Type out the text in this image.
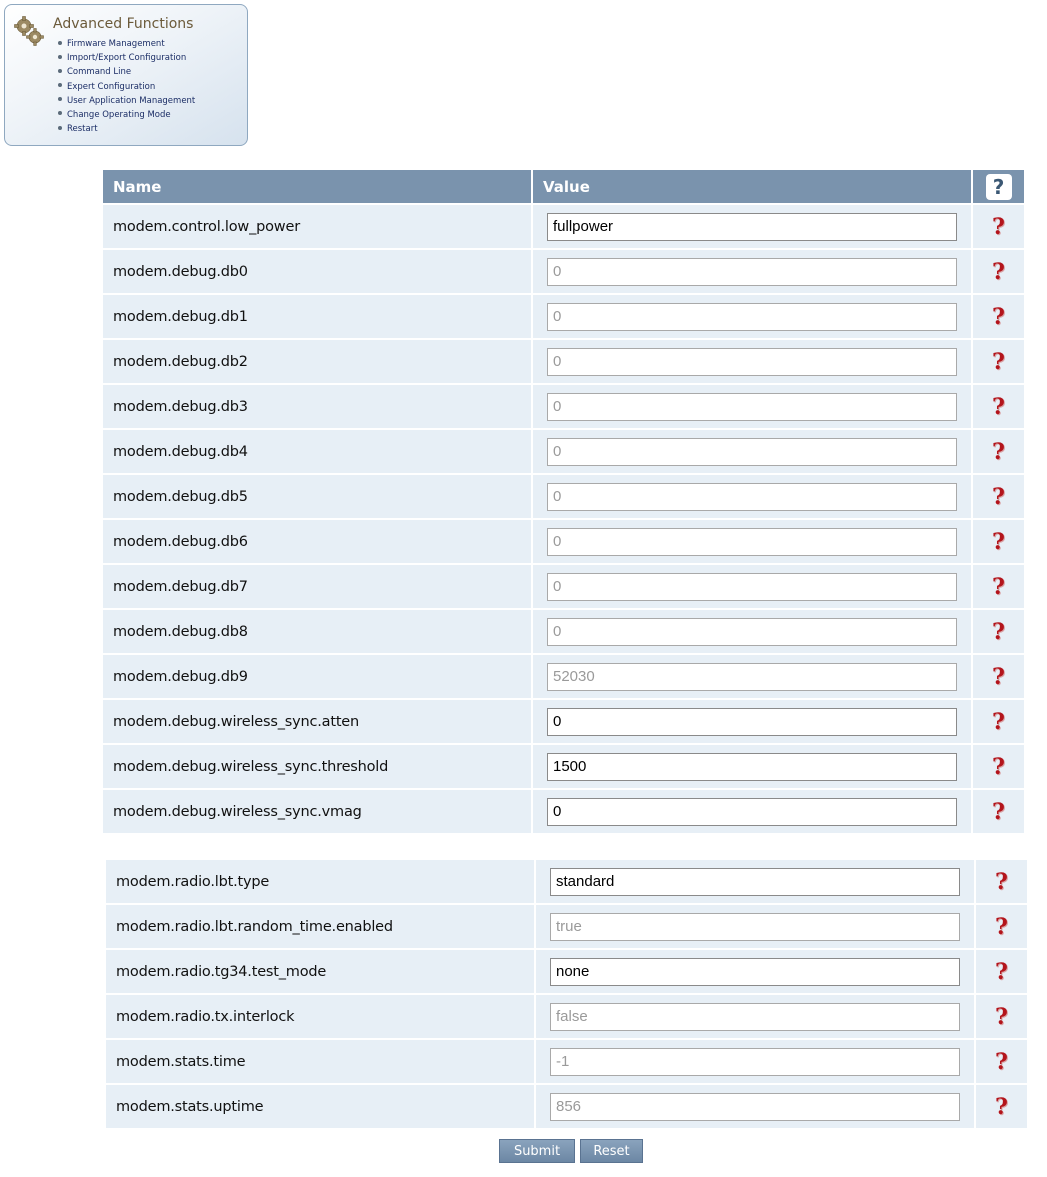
Advanced Functions
Firmware Management
Import/Export Configuration
Command Line
Expert Configuration
User Application Management
Change Operating Mode
Restart
Name	Value	?
modem.control.low_power	fullpower	?
modem.debug.db0	0	?
modem.debug.db1	0	?
modem.debug.db2	0	?
modem.debug.db3	0	?
modem.debug.db4	0	?
modem.debug.db5	0	?
modem.debug.db6	0	?
modem.debug.db7	0	?
modem.debug.db8	0	?
modem.debug.db9	52030	?
modem.debug.wireless_sync.atten	0	?
modem.debug.wireless_sync.threshold	1500	?
modem.debug.wireless_sync.vmag	0	?
modem.radio.lbt.type	standard	?
modem.radio.lbt.random_time.enabled	true	?
modem.radio.tg34.test_mode	none	?
modem.radio.tx.interlock	false	?
modem.stats.time	-1	?
modem.stats.uptime	856	?
Submit	Reset
